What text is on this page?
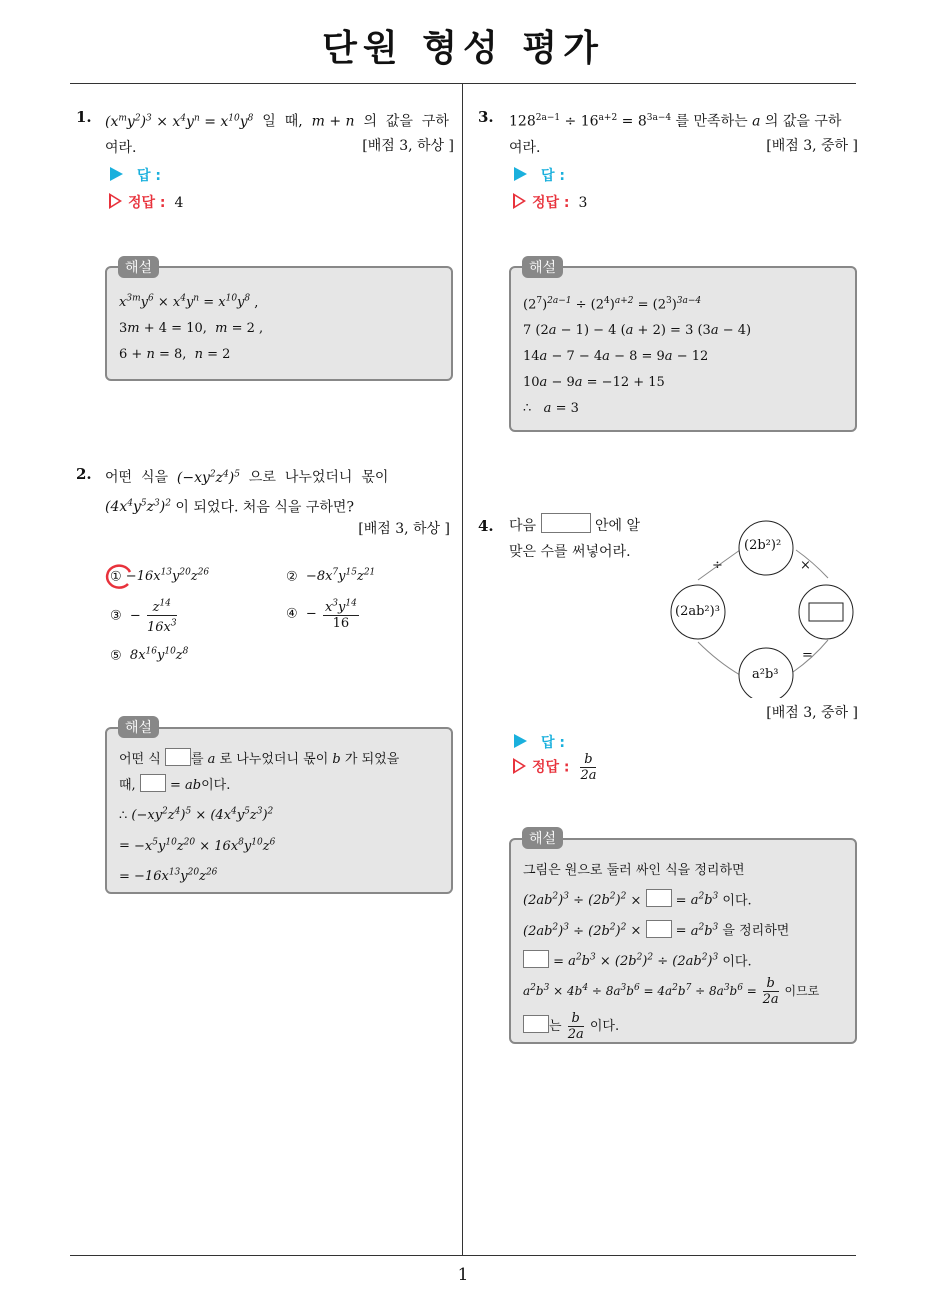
단원 형성 평가
1
1. $(x^my^2)^3 \times x^4y^n = x^{10}y^8$  일  때,  m + n  의  값을  구하
여라.	[배점 3, 하상 ]
답 :
정답 : 4
$x^{3m}y^6 \times x^4y^n = x^{10}y^8$ ,
3m + 4 = 10,  m = 2 ,
6 + n = 8,  n = 2
해설
2. 어떤  식을  $(-xy^2z^4)^5$  으로  나누었더니  몫이
$(4x^4y^5z^3)^2$ 이 되었다. 처음 식을 구하면?
[배점 3, 하상 ]
① $-16x^{13}y^{20}z^{26}$	② $-8x^7y^{15}z^{21}$
③  − $\frac{z^{14}}{16x^3}$	④  − $\frac{x^3y^{14}}{16}$
⑤ $8x^{16}y^{10}z^8$
어떤 식 를 a 로 나누었더니 몫이 b 가 되었을
때,  = ab이다.
∴ $(-xy^2z^4)^5 \times (4x^4y^5z^3)^2$
= $-x^5y^{10}z^{20} \times 16x^8y^{10}z^6$
= $-16x^{13}y^{20}z^{26}$
해설
3. $128^{2a-1} \div 16^{a+2} = 8^{3a-4}$ 를 만족하는 a 의 값을 구하
여라.	[배점 3, 중하 ]
답 :
정답 : 3
$(2^7)^{2a-1} \div (2^4)^{a+2} = (2^3)^{3a-4}$
7 (2a − 1) − 4 (a + 2) = 3 (3a − 4)
14a − 7 − 4a − 8 = 9a − 12
10a − 9a = −12 + 15
∴   a = 3
해설
4. 다음	안에 알
맞은 수를 써넣어라.	(2b²)²
(2ab²)³
a²b³
÷	×
=
[배점 3, 중하 ]
답 :
정답 : $\frac{b}{2a}$
그림은 원으로 둘러 싸인 식을 정리하면
$(2ab^2)^3 \div (2b^2)^2$ ×  = $a^2b^3$ 이다.
$(2ab^2)^3 \div (2b^2)^2$ ×  = $a^2b^3$ 을 정리하면
= $a^2b^3 \times (2b^2)^2 \div (2ab^2)^3$ 이다.
$a^2b^3 \times 4b^4 \div 8a^3b^6 = 4a^2b^7 \div 8a^3b^6 = \frac{b}{2a}$ 이므로
는 $\frac{b}{2a}$ 이다.
해설
